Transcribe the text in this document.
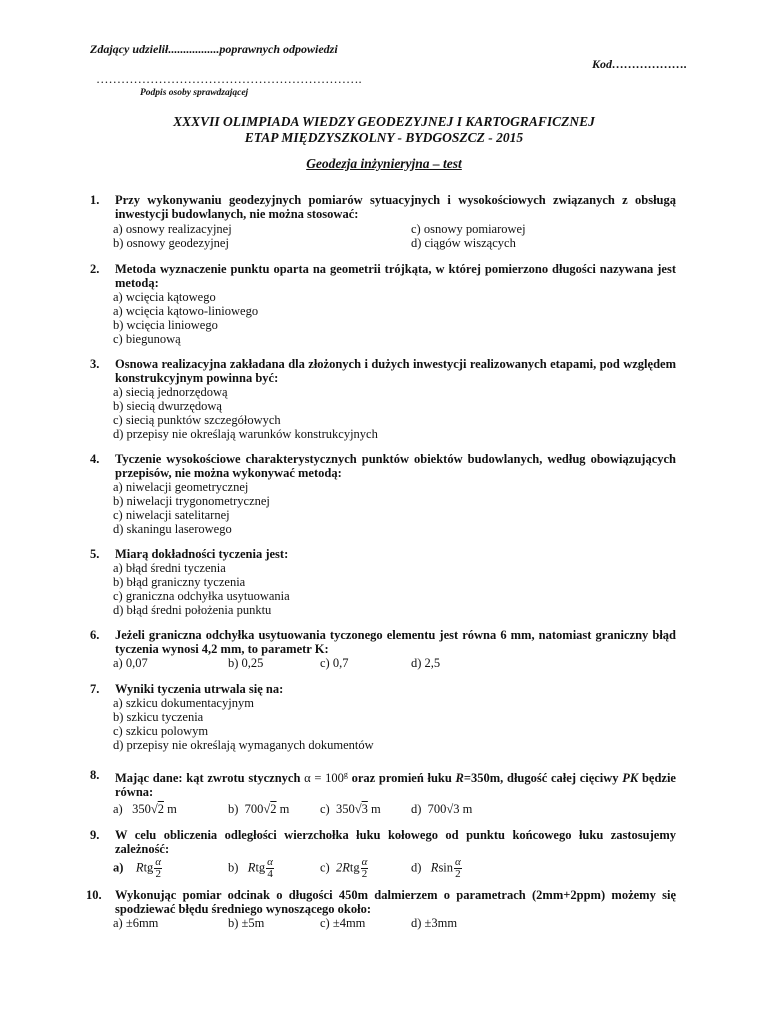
Zdający udzielił.................poprawnych odpowiedzi
Kod……………….
……………………………………………………….
Podpis osoby sprawdzającej
XXXVII OLIMPIADA WIEDZY GEODEZYJNEJ I KARTOGRAFICZNEJ
ETAP MIĘDZYSZKOLNY - BYDGOSZCZ - 2015
Geodezja inżynieryjna – test
1. Przy wykonywaniu geodezyjnych pomiarów sytuacyjnych i wysokościowych związanych z obsługą inwestycji budowlanych, nie można stosować:
a) osnowy realizacyjnej
b) osnowy geodezyjnej
c) osnowy pomiarowej
d) ciągów wiszących
2. Metoda wyznaczenie punktu oparta na geometrii trójkąta, w której pomierzono długości nazywana jest metodą:
a) wcięcia kątowego
a) wcięcia kątowo-liniowego
b) wcięcia liniowego
c) biegunową
3. Osnowa realizacyjna zakładana dla złożonych i dużych inwestycji realizowanych etapami, pod względem konstrukcyjnym powinna być:
a) siecią jednorzędową
b) siecią dwurzędową
c) siecią punktów szczegółowych
d) przepisy nie określają warunków konstrukcyjnych
4. Tyczenie wysokościowe charakterystycznych punktów obiektów budowlanych, według obowiązujących przepisów, nie można wykonywać metodą:
a) niwelacji geometrycznej
b) niwelacji trygonometrycznej
c) niwelacji satelitarnej
d) skaningu laserowego
5. Miarą dokładności tyczenia jest:
a) błąd średni tyczenia
b) błąd graniczny tyczenia
c) graniczna odchyłka usytuowania
d) błąd średni położenia punktu
6. Jeżeli graniczna odchyłka usytuowania tyczonego elementu jest równa 6 mm, natomiast graniczny błąd tyczenia wynosi 4,2 mm, to parametr K:
a) 0,07	b) 0,25	c) 0,7	d) 2,5
7. Wyniki tyczenia utrwala się na:
a) szkicu dokumentacyjnym
b) szkicu tyczenia
c) szkicu polowym
d) przepisy nie określają wymaganych dokumentów
8. Mając dane: kąt zwrotu stycznych $\alpha = 100^g$ oraz promień łuku R=350m, długość całej cięciwy PK będzie równa:
a) 350√2 m	b) 700√2 m c) 350√3 m d) 700√3 m
9. W celu obliczenia odległości wierzchołka łuku kołowego od punktu końcowego łuku zastosujemy zależność:
a) Rtg $\frac{\alpha}{2}$	b) Rtg $\frac{\alpha}{4}$	c) $2Rtg \frac{\alpha}{2}$	d) Rsin $\frac{\alpha}{2}$
10. Wykonując pomiar odcinak o długości 450m dalmierzem o parametrach (2mm+2ppm) możemy się spodziewać błędu średniego wynoszącego około:
a) ±6mm	b) ±5m	c) ±4mm	d) ±3mm
